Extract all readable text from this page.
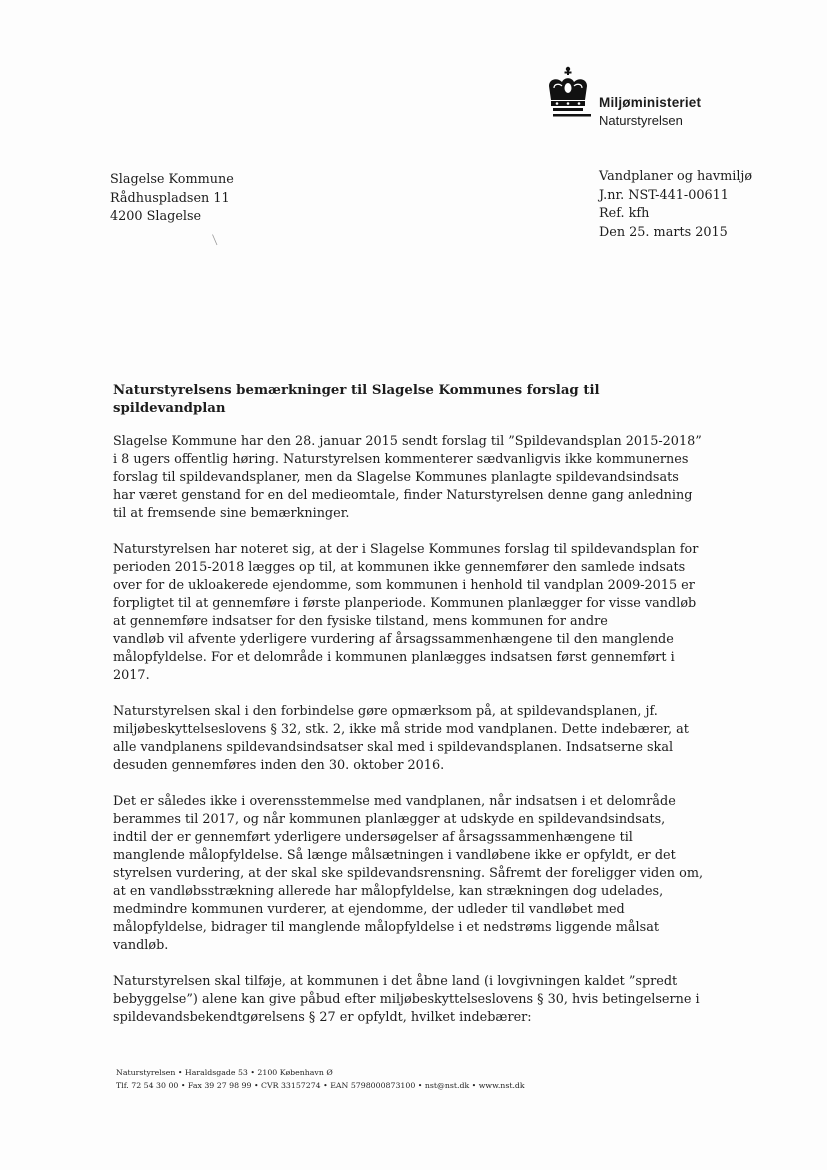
Miljøministeriet
Naturstyrelsen
Slagelse Kommune
Rådhuspladsen 11
4200 Slagelse
Vandplaner og havmiljø
J.nr. NST-441-00611
Ref. kfh
Den 25. marts 2015
Naturstyrelsens bemærkninger til Slagelse Kommunes forslag til
spildevandplan
Slagelse Kommune har den 28. januar 2015 sendt forslag til ”Spildevandsplan 2015-2018”
i 8 ugers offentlig høring. Naturstyrelsen kommenterer sædvanligvis ikke kommunernes
forslag til spildevandsplaner, men da Slagelse Kommunes planlagte spildevandsindsats
har været genstand for en del medieomtale, finder Naturstyrelsen denne gang anledning
til at fremsende sine bemærkninger.
Naturstyrelsen har noteret sig, at der i Slagelse Kommunes forslag til spildevandsplan for
perioden 2015-2018 lægges op til, at kommunen ikke gennemfører den samlede indsats
over for de ukloakerede ejendomme, som kommunen i henhold til vandplan 2009-2015 er
forpligtet til at gennemføre i første planperiode. Kommunen planlægger for visse vandløb
at gennemføre indsatser for den fysiske tilstand, mens kommunen for andre
vandløb vil afvente yderligere vurdering af årsagssammenhængene til den manglende
målopfyldelse. For et delområde i kommunen planlægges indsatsen først gennemført i
2017.
Naturstyrelsen skal i den forbindelse gøre opmærksom på, at spildevandsplanen, jf.
miljøbeskyttelseslovens § 32, stk. 2, ikke må stride mod vandplanen. Dette indebærer, at
alle vandplanens spildevandsindsatser skal med i spildevandsplanen. Indsatserne skal
desuden gennemføres inden den 30. oktober 2016.
Det er således ikke i overensstemmelse med vandplanen, når indsatsen i et delområde
berammes til 2017, og når kommunen planlægger at udskyde en spildevandsindsats,
indtil der er gennemført yderligere undersøgelser af årsagssammenhængene til
manglende målopfyldelse. Så længe målsætningen i vandløbene ikke er opfyldt, er det
styrelsen vurdering, at der skal ske spildevandsrensning. Såfremt der foreligger viden om,
at en vandløbsstrækning allerede har målopfyldelse, kan strækningen dog udelades,
medmindre kommunen vurderer, at ejendomme, der udleder til vandløbet med
målopfyldelse, bidrager til manglende målopfyldelse i et nedstrøms liggende målsat
vandløb.
Naturstyrelsen skal tilføje, at kommunen i det åbne land (i lovgivningen kaldet ”spredt
bebyggelse”) alene kan give påbud efter miljøbeskyttelseslovens § 30, hvis betingelserne i
spildevandsbekendtgørelsens § 27 er opfyldt, hvilket indebærer:
Naturstyrelsen • Haraldsgade 53 • 2100 København Ø
Tlf. 72 54 30 00 • Fax 39 27 98 99 • CVR 33157274 • EAN 5798000873100 • nst@nst.dk • www.nst.dk
